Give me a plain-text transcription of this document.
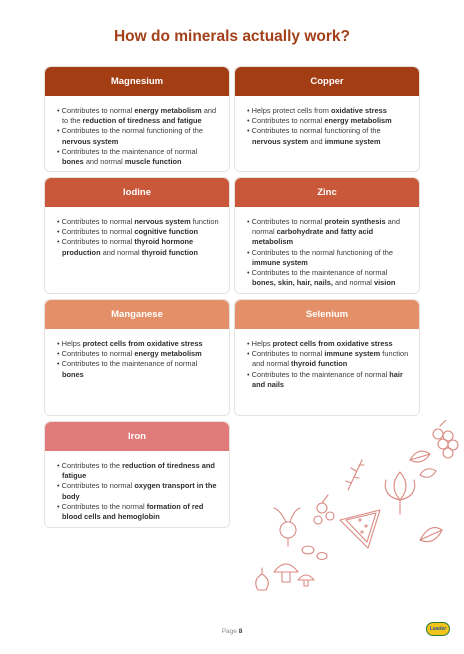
How do minerals actually work?
Magnesium
• Contributes to normal energy metabolism and to the reduction of tiredness and fatigue
• Contributes to the normal functioning of the nervous system
• Contributes to the maintenance of normal bones and normal muscle function
Copper
• Helps protect cells from oxidative stress
• Contributes to normal energy metabolism
• Contributes to normal functioning of the nervous system and immune system
Iodine
• Contributes to normal nervous system function
• Contributes to normal cognitive function
• Contributes to normal thyroid hormone production and normal thyroid function
Zinc
• Contributes to normal protein synthesis and normal carbohydrate and fatty acid metabolism
• Contributes to the normal functioning of the immune system
• Contributes to the maintenance of normal bones, skin, hair, nails, and normal vision
Manganese
• Helps protect cells from oxidative stress
• Contributes to normal energy metabolism
• Contributes to the maintenance of normal bones
Selenium
• Helps protect cells from oxidative stress
• Contributes to normal immune system function and normal thyroid function
• Contributes to the maintenance of normal hair and nails
Iron
• Contributes to the reduction of tiredness and fatigue
• Contributes to normal oxygen transport in the body
• Contributes to the normal formation of red blood cells and hemoglobin
Page 8	Leader
